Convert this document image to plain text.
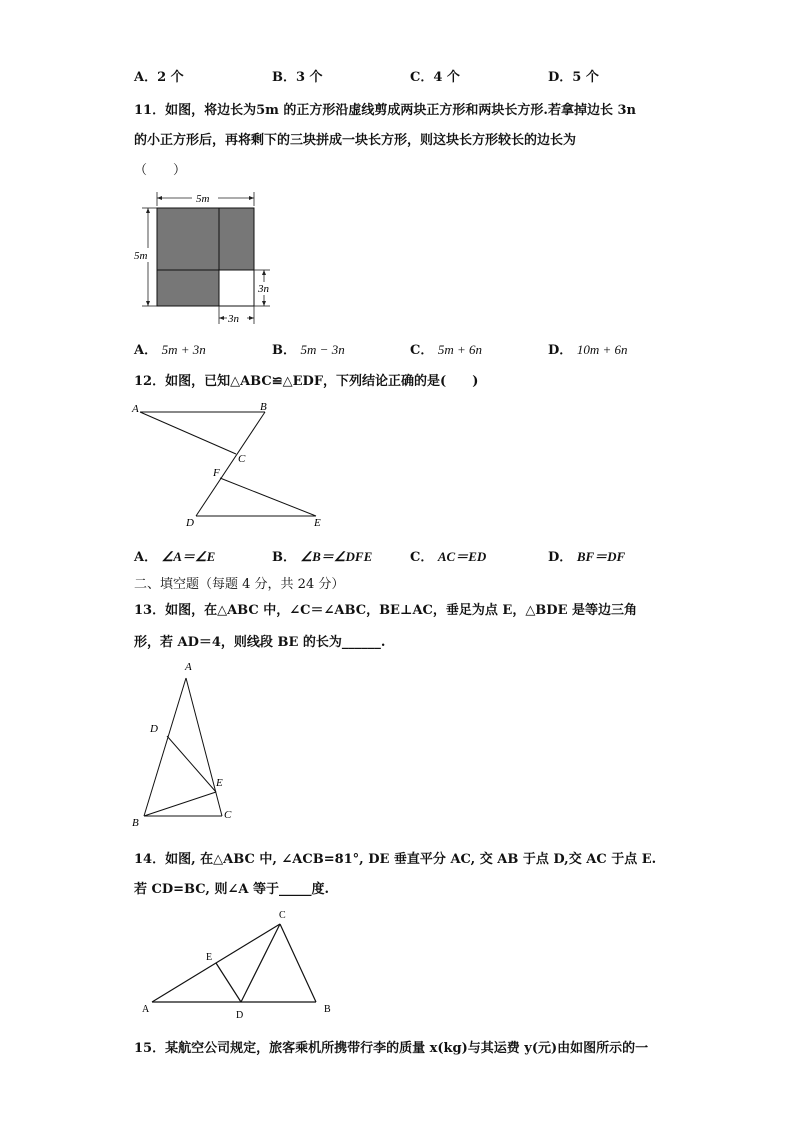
A．2 个	B．3 个	C．4 个	D．5 个
11．如图，将边长为5m 的正方形沿虚线剪成两块正方形和两块长方形.若拿掉边长 3n
的小正方形后，再将剩下的三块拼成一块长方形，则这块长方形较长的边长为
（　　）
5m
5m
3n
3n
A． 5m + 3n	B． 5m − 3n	C． 5m + 6n	D． 10m + 6n
12．如图，已知△ABC≌△EDF，下列结论正确的是(　　)
A	B
C
F
D	E
A． ∠A＝∠E	B． ∠B＝∠DFE	C． AC＝ED	D． BF＝DF
二、填空题（每题 4 分，共 24 分）
13．如图，在△ABC 中，∠C＝∠ABC，BE⊥AC，垂足为点 E，△BDE 是等边三角
形，若 AD＝4，则线段 BE 的长为______.
A
D
E
B
C
14．如图, 在△ABC 中, ∠ACB=81°, DE 垂直平分 AC, 交 AB 于点 D,交 AC 于点 E.
若 CD=BC, 则∠A 等于_____度.
A	B
C
D
E
15．某航空公司规定，旅客乘机所携带行李的质量 x(kg)与其运费 y(元)由如图所示的一
